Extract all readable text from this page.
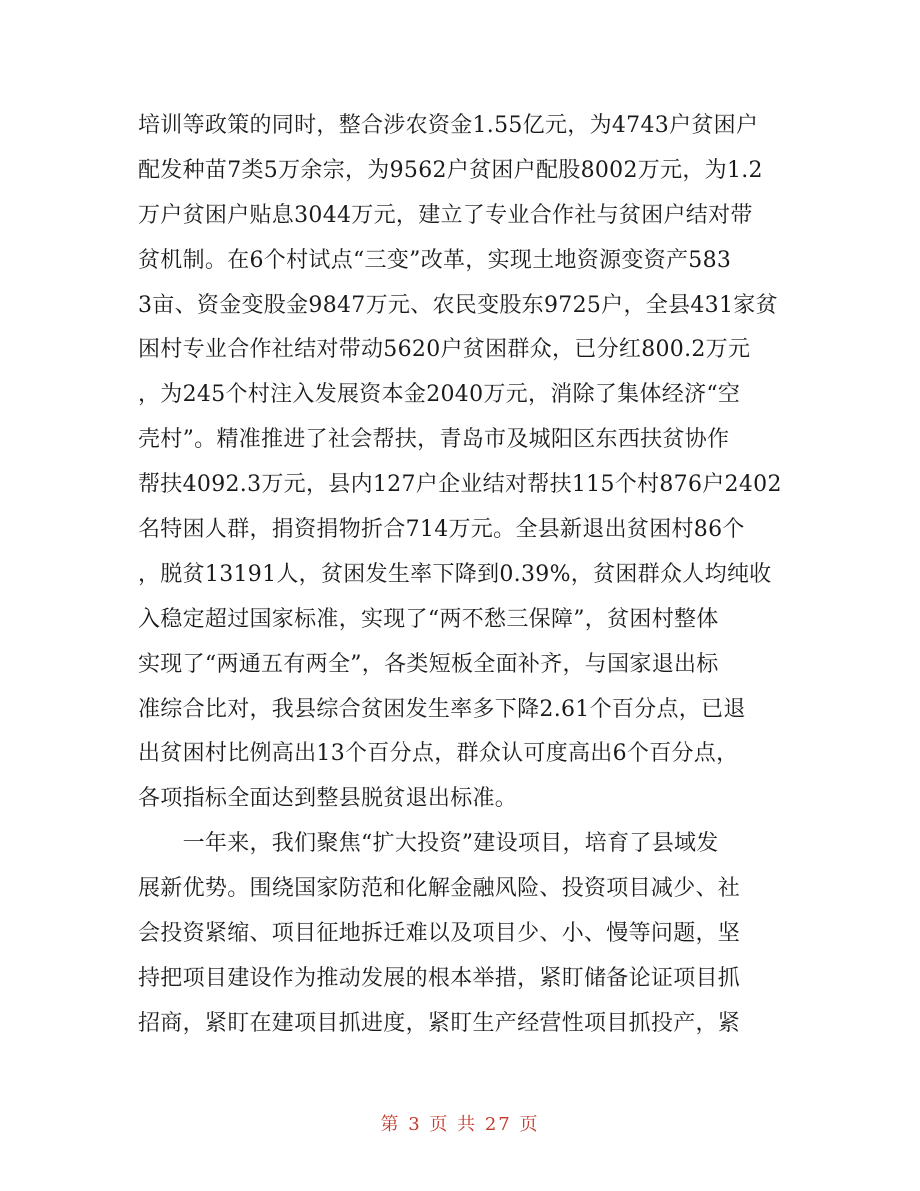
培训等政策的同时，整合涉农资金1.55亿元，为4743户贫困户
配发种苗7类5万余宗，为9562户贫困户配股8002万元，为1.2
万户贫困户贴息3044万元，建立了专业合作社与贫困户结对带
贫机制。在6个村试点“三变”改革，实现土地资源变资产583
3亩、资金变股金9847万元、农民变股东9725户，全县431家贫
困村专业合作社结对带动5620户贫困群众，已分红800.2万元
，为245个村注入发展资本金2040万元，消除了集体经济“空
壳村”。精准推进了社会帮扶，青岛市及城阳区东西扶贫协作
帮扶4092.3万元，县内127户企业结对帮扶115个村876户2402
名特困人群，捐资捐物折合714万元。全县新退出贫困村86个
，脱贫13191人，贫困发生率下降到0.39%，贫困群众人均纯收
入稳定超过国家标准，实现了“两不愁三保障”，贫困村整体
实现了“两通五有两全”，各类短板全面补齐，与国家退出标
准综合比对，我县综合贫困发生率多下降2.61个百分点，已退
出贫困村比例高出13个百分点，群众认可度高出6个百分点，
各项指标全面达到整县脱贫退出标准。
　　一年来，我们聚焦“扩大投资”建设项目，培育了县域发
展新优势。围绕国家防范和化解金融风险、投资项目减少、社
会投资紧缩、项目征地拆迁难以及项目少、小、慢等问题，坚
持把项目建设作为推动发展的根本举措，紧盯储备论证项目抓
招商，紧盯在建项目抓进度，紧盯生产经营性项目抓投产，紧
第 3 页 共 27 页
